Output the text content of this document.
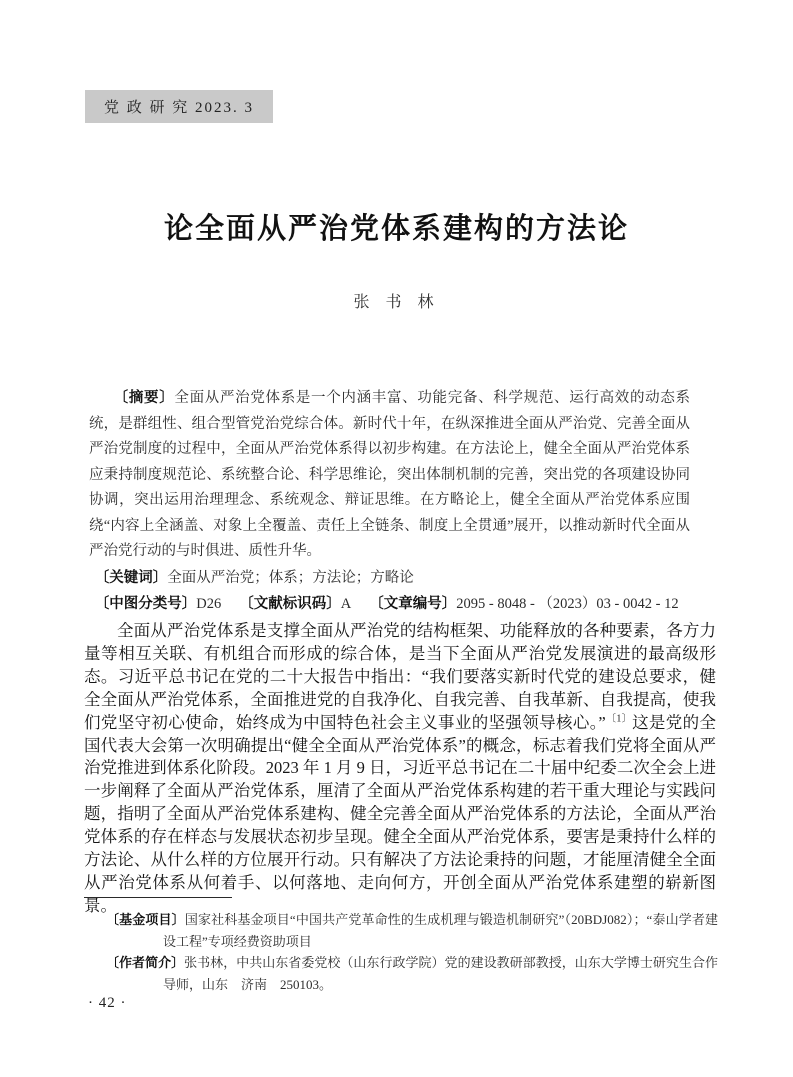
党 政 研 究 2023. 3
论全面从严治党体系建构的方法论
张 书 林

〔摘要〕全面从严治党体系是一个内涵丰富、功能完备、科学规范、运行高效的动态系统，是群组性、组合型管党治党综合体。新时代十年，在纵深推进全面从严治党、完善全面从严治党制度的过程中，全面从严治党体系得以初步构建。在方法论上，健全全面从严治党体系应秉持制度规范论、系统整合论、科学思维论，突出体制机制的完善，突出党的各项建设协同协调，突出运用治理理念、系统观念、辩证思维。在方略论上，健全全面从严治党体系应围绕“内容上全涵盖、对象上全覆盖、责任上全链条、制度上全贯通”展开，以推动新时代全面从严治党行动的与时俱进、质性升华。

〔关键词〕全面从严治党；体系；方法论；方略论

〔中图分类号〕D26 〔文献标识码〕A 〔文章编号〕2095 - 8048 - （2023）03 - 0042 - 12

全面从严治党体系是支撑全面从严治党的结构框架、功能释放的各种要素，各方力量等相互关联、有机组合而形成的综合体，是当下全面从严治党发展演进的最高级形态。习近平总书记在党的二十大报告中指出：“我们要落实新时代党的建设总要求，健全全面从严治党体系，全面推进党的自我净化、自我完善、自我革新、自我提高，使我们党坚守初心使命，始终成为中国特色社会主义事业的坚强领导核心。”$^{〔1〕}$这是党的全国代表大会第一次明确提出“健全全面从严治党体系”的概念，标志着我们党将全面从严治党推进到体系化阶段。2023 年 1 月 9 日，习近平总书记在二十届中纪委二次全会上进一步阐释了全面从严治党体系，厘清了全面从严治党体系构建的若干重大理论与实践问题，指明了全面从严治党体系建构、健全完善全面从严治党体系的方法论，全面从严治党体系的存在样态与发展状态初步呈现。健全全面从严治党体系，要害是秉持什么样的方法论、从什么样的方位展开行动。只有解决了方法论秉持的问题，才能厘清健全全面从严治党体系从何着手、以何落地、走向何方，开创全面从严治党体系建塑的崭新图景。

〔基金项目〕国家社科基金项目“中国共产党革命性的生成机理与锻造机制研究”（20BDJ082）；“泰山学者建设工程”专项经费资助项目

〔作者简介〕张书林，中共山东省委党校（山东行政学院）党的建设教研部教授，山东大学博士研究生合作导师，山东　济南　250103。

· 42 ·
